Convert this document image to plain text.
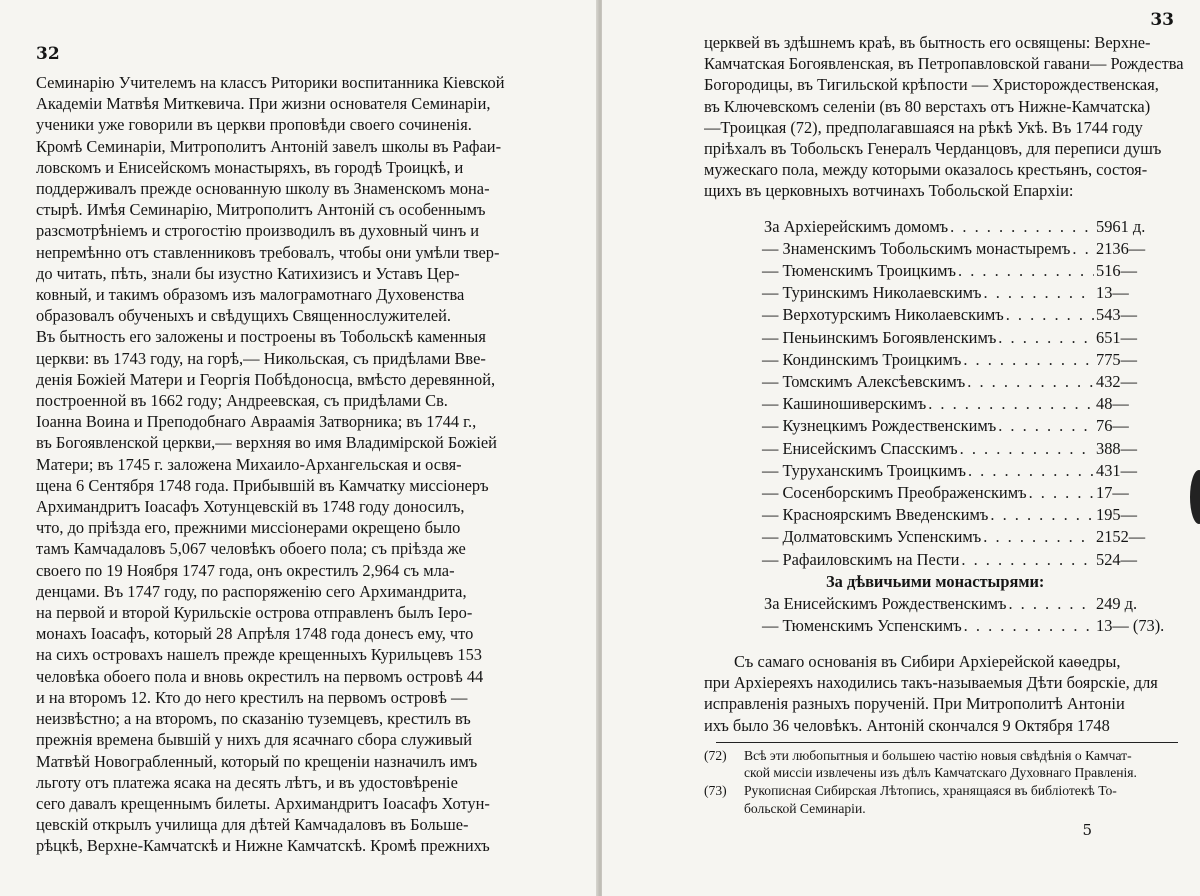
32
Семинарію Учителемъ на классъ Риторики воспитанника Кіевской
Академіи Матвѣя Миткевича. При жизни основателя Семинаріи,
ученики уже говорили въ церкви проповѣди своего сочиненія.
Кромѣ Семинаріи, Митрополитъ Антоній завелъ школы въ Рафаи-
ловскомъ и Енисейскомъ монастыряхъ, въ городѣ Троицкѣ, и
поддерживалъ прежде основанную школу въ Знаменскомъ мона-
стырѣ. Имѣя Семинарію, Митрополитъ Антоній съ особеннымъ
разсмотрѣніемъ и строгостію производилъ въ духовный чинъ и
непремѣнно отъ ставленниковъ требовалъ, чтобы они умѣли твер-
до читать, пѣть, знали бы изустно Катихизисъ и Уставъ Цер-
ковный, и такимъ образомъ изъ малограмотнаго Духовенства
образовалъ обученыхъ и свѣдущихъ Священнослужителей.
Въ бытность его заложены и построены въ Тобольскѣ каменныя
церкви: въ 1743 году, на горѣ,— Никольская, съ придѣлами Вве-
денія Божіей Матери и Георгія Побѣдоносца, вмѣсто деревянной,
построенной въ 1662 году; Андреевская, съ придѣлами Св.
Іоанна Воина и Преподобнаго Авраамія Затворника; въ 1744 г.,
въ Богоявленской церкви,— верхняя во имя Владимірской Божіей
Матери; въ 1745 г. заложена Михаило-Архангельская и освя-
щена 6 Сентября 1748 года. Прибывшій въ Камчатку миссіонеръ
Архимандритъ Іоасафъ Хотунцевскій въ 1748 году доносилъ,
что, до пріѣзда его, прежними миссіонерами окрещено было
тамъ Камчадаловъ 5,067 человѣкъ обоего пола; съ пріѣзда же
своего по 19 Ноября 1747 года, онъ окрестилъ 2,964 съ мла-
денцами. Въ 1747 году, по распоряженію сего Архимандрита,
на первой и второй Курильскіе острова отправленъ былъ Іеро-
монахъ Іоасафъ, который 28 Апрѣля 1748 года донесъ ему, что
на сихъ островахъ нашелъ прежде крещенныхъ Курильцевъ 153
человѣка обоего пола и вновь окрестилъ на первомъ островѣ 44
и на второмъ 12. Кто до него крестилъ на первомъ островѣ —
неизвѣстно; а на второмъ, по сказанію туземцевъ, крестилъ въ
прежнія времена бывшій у нихъ для ясачнаго сбора служивый
Матвѣй Новограбленный, который по крещеніи назначилъ имъ
льготу отъ платежа ясака на десять лѣтъ, и въ удостовѣреніе
сего давалъ крещеннымъ билеты. Архимандритъ Іоасафъ Хотун-
цевскій открылъ училища для дѣтей Камчадаловъ въ Больше-
рѣцкѣ, Верхне-Камчатскѣ и Нижне Камчатскѣ. Кромѣ прежнихъ
33
церквей въ здѣшнемъ краѣ, въ бытность его освящены: Верхне-
Камчатская Богоявленская, въ Петропавловской гавани— Рождества
Богородицы, въ Тигильской крѣпости — Христорождественская,
въ Ключевскомъ селеніи (въ 80 верстахъ отъ Нижне-Камчатска)
—Троицкая (72), предполагавшаяся на рѣкѣ Укѣ. Въ 1744 году
пріѣхалъ въ Тобольскъ Генералъ Черданцовъ, для переписи душъ
мужескаго пола, между которыми оказалось крестьянъ, состоя-
щихъ въ церковныхъ вотчинахъ Тобольской Епархіи:
За Архіерейскимъ домомъ . . .	5961 д.
— Знаменскимъ Тобольскимъ монастыремъ . . . 2136—
— Тюменскимъ Троицкимъ . . .	516—
— Туринскимъ Николаевскимъ . . .	13—
— Верхотурскимъ Николаевскимъ . . .	543—
— Пеньинскимъ Богоявленскимъ . . .	651—
— Кондинскимъ Троицкимъ . . .	775—
— Томскимъ Алексѣевскимъ . . .	432—
— Кашиношиверскимъ . . .	48—
— Кузнецкимъ Рождественскимъ . . .	76—
— Енисейскимъ Спасскимъ . . .	388—
— Туруханскимъ Троицкимъ . . .	431—
— Сосенборскимъ Преображенскимъ . . .	17—
— Красноярскимъ Введенскимъ . . .	195—
— Долматовскимъ Успенскимъ . . .	2152—
— Рафаиловскимъ на Пести . . .	524—
За дѣвичьими монастырями:
За Енисейскимъ Рождественскимъ . . .	249 д.
— Тюменскимъ Успенскимъ . . .	13— (73).
Съ самаго основанія въ Сибири Архіерейской каѳедры,
при Архіереяхъ находились такъ-называемыя Дѣти боярскіе, для
исправленія разныхъ порученій. При Митрополитѣ Антоніи
ихъ было 36 человѣкъ. Антоній скончался 9 Октября 1748
(72)	Всѣ эти любопытныя и большею частію новыя свѣдѣнія о Камчат-
ской миссіи извлечены изъ дѣлъ Камчатскаго Духовнаго Правленія.
(73)	Рукописная Сибирская Лѣтопись, хранящаяся въ библіотекѣ То-
больской Семинаріи.
5
